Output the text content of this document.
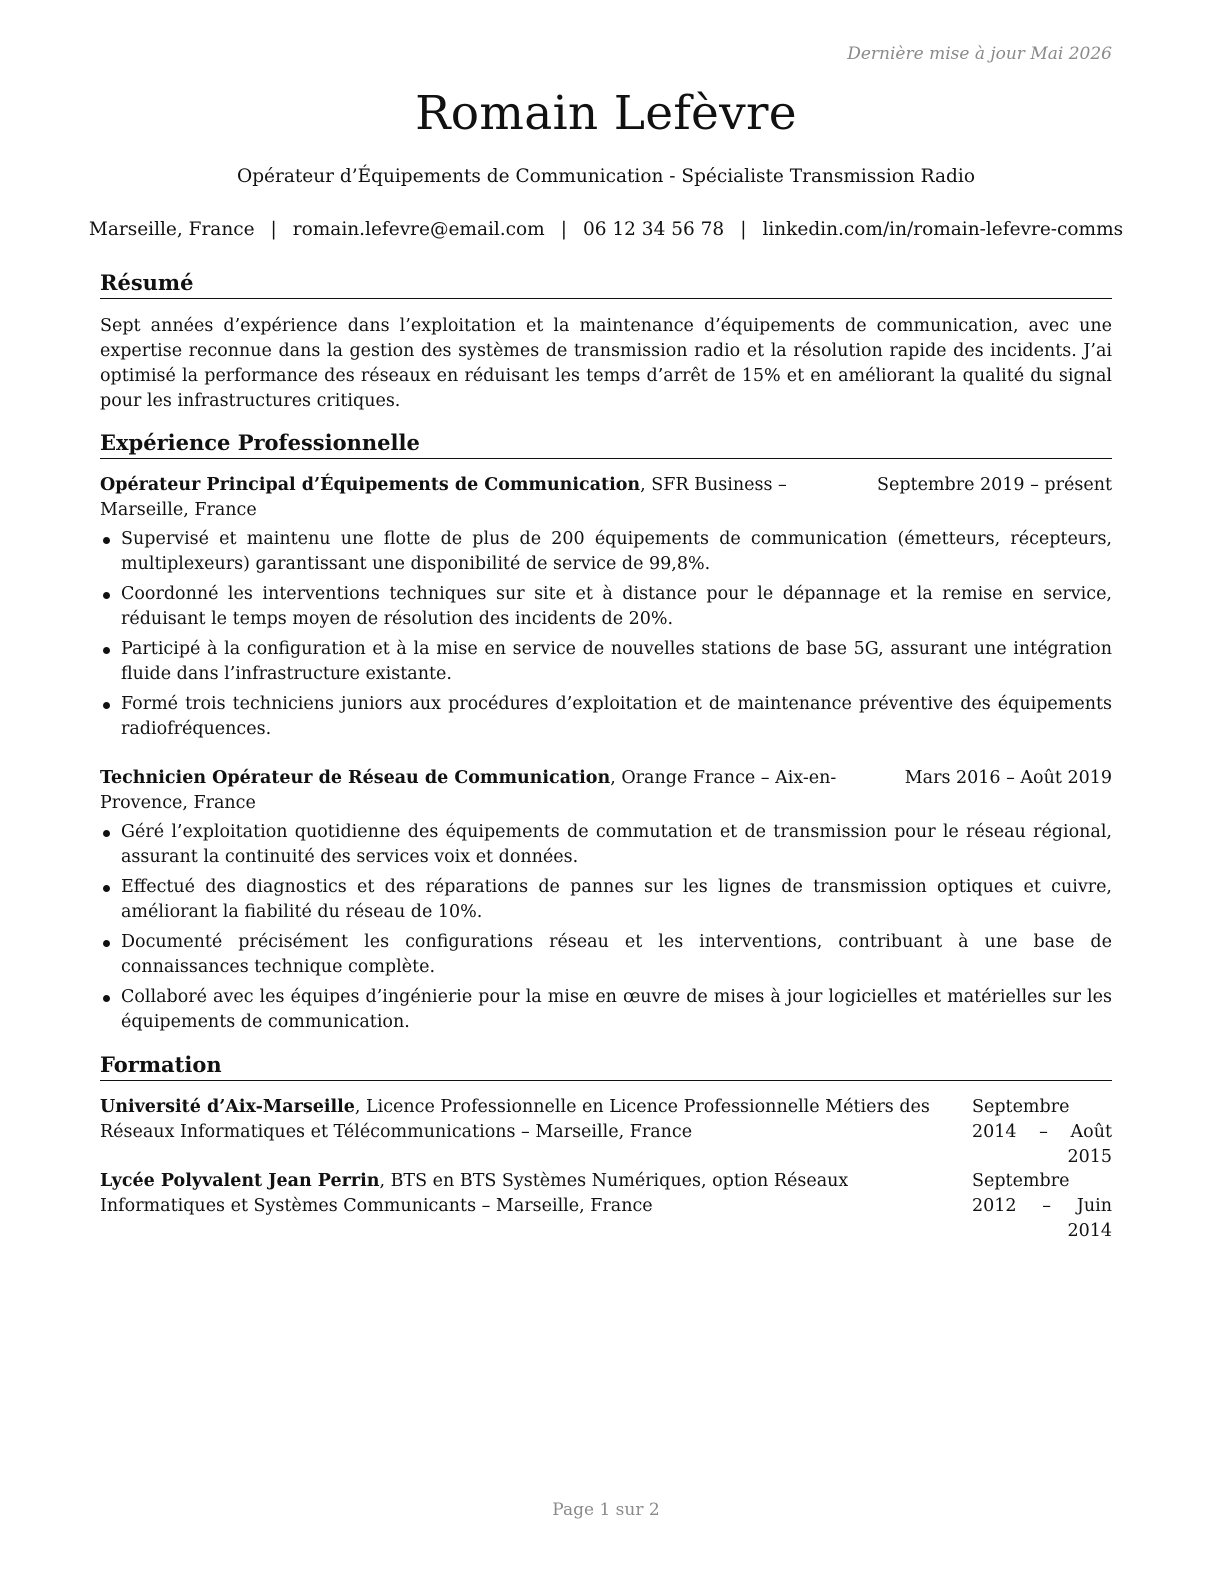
Dernière mise à jour Mai 2026
Romain Lefèvre
Opérateur d’Équipements de Communication - Spécialiste Transmission Radio
Marseille, France | romain.lefevre@email.com | 06 12 34 56 78 | linkedin.com/in/romain-lefevre-comms
Résumé
Sept années d’expérience dans l’exploitation et la maintenance d’équipements de communication, avec une expertise reconnue dans la gestion des systèmes de transmission radio et la résolution rapide des incidents. J’ai optimisé la performance des réseaux en réduisant les temps d’arrêt de 15% et en améliorant la qualité du signal pour les infrastructures critiques.
Expérience Professionnelle
Opérateur Principal d’Équipements de Communication, SFR Business – Marseille, France
Septembre 2019 – présent
Supervisé et maintenu une flotte de plus de 200 équipements de communication (émetteurs, récepteurs, multiplexeurs) garantissant une disponibilité de service de 99,8%.
Coordonné les interventions techniques sur site et à distance pour le dépannage et la remise en service, réduisant le temps moyen de résolution des incidents de 20%.
Participé à la configuration et à la mise en service de nouvelles stations de base 5G, assurant une intégration fluide dans l’infrastructure existante.
Formé trois techniciens juniors aux procédures d’exploitation et de maintenance préventive des équipements radiofréquences.
Technicien Opérateur de Réseau de Communication, Orange France – Aix-en-Provence, France
Mars 2016 – Août 2019
Géré l’exploitation quotidienne des équipements de commutation et de transmission pour le réseau régional, assurant la continuité des services voix et données.
Effectué des diagnostics et des réparations de pannes sur les lignes de transmission optiques et cuivre, améliorant la fiabilité du réseau de 10%.
Documenté précisément les configurations réseau et les interventions, contribuant à une base de connaissances technique complète.
Collaboré avec les équipes d’ingénierie pour la mise en œuvre de mises à jour logicielles et matérielles sur les équipements de communication.
Formation
Université d’Aix-Marseille, Licence Professionnelle en Licence Professionnelle Métiers des Réseaux Informatiques et Télécommunications – Marseille, France
Septembre 2014 – Août
2015
Lycée Polyvalent Jean Perrin, BTS en BTS Systèmes Numériques, option Réseaux Informatiques et Systèmes Communicants – Marseille, France
Septembre 2012 – Juin
2014
Page 1 sur 2
